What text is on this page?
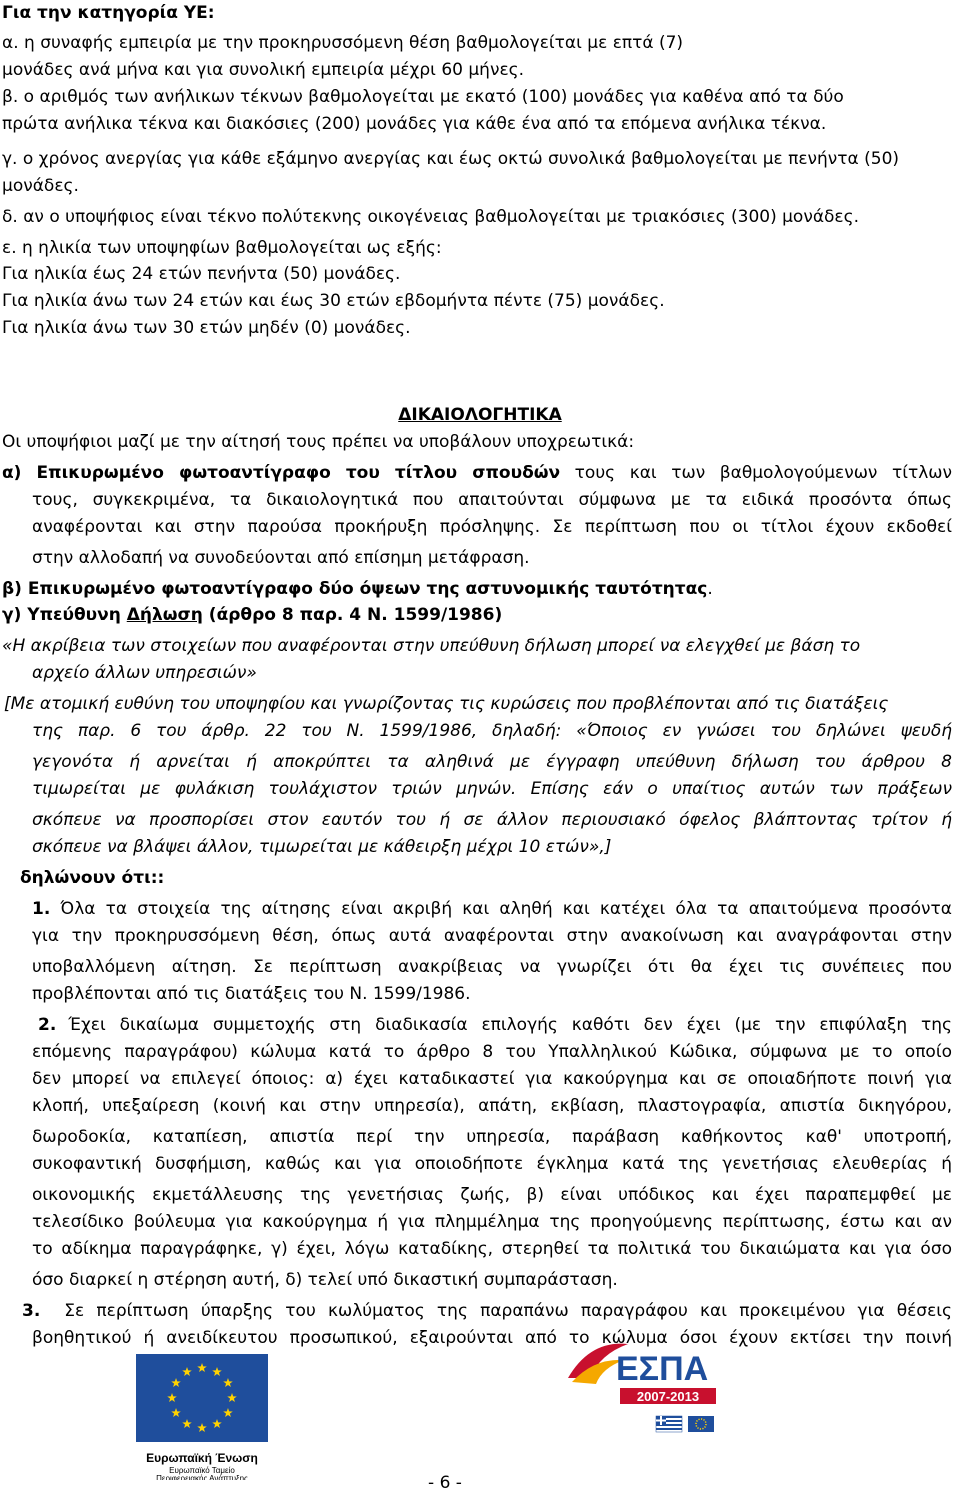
Για την κατηγορία ΥΕ:
α. η συναφής εμπειρία με την προκηρυσσόμενη θέση βαθμολογείται με επτά (7)
μονάδες ανά μήνα και για συνολική εμπειρία μέχρι 60 μήνες.
β. ο αριθμός των ανήλικων τέκνων βαθμολογείται με εκατό (100) μονάδες για καθένα από τα δύο
πρώτα ανήλικα τέκνα και διακόσιες (200) μονάδες για κάθε ένα από τα επόμενα ανήλικα τέκνα.
γ. ο χρόνος ανεργίας για κάθε εξάμηνο ανεργίας και έως οκτώ συνολικά βαθμολογείται με πενήντα (50)
μονάδες.
δ. αν ο υποψήφιος είναι τέκνο πολύτεκνης οικογένειας βαθμολογείται με τριακόσιες (300) μονάδες.
ε. η ηλικία των υποψηφίων βαθμολογείται ως εξής:
Για ηλικία έως 24 ετών πενήντα (50) μονάδες.
Για ηλικία άνω των 24 ετών και έως 30 ετών εβδομήντα πέντε (75) μονάδες.
Για ηλικία άνω των 30 ετών μηδέν (0) μονάδες.
ΔΙΚΑΙΟΛΟΓΗΤΙΚΑ
Οι υποψήφιοι μαζί με την αίτησή τους πρέπει να υποβάλουν υποχρεωτικά:
α) Επικυρωμένο φωτοαντίγραφο του τίτλου σπουδών τους και των βαθμολογούμενων τίτλων
τους, συγκεκριμένα, τα δικαιολογητικά που απαιτούνται σύμφωνα με τα ειδικά προσόντα όπως
αναφέρονται και στην παρούσα προκήρυξη πρόσληψης. Σε περίπτωση που οι τίτλοι έχουν εκδοθεί
στην αλλοδαπή να συνοδεύονται από επίσημη μετάφραση.
β) Επικυρωμένο φωτοαντίγραφο δύο όψεων της αστυνομικής ταυτότητας.
γ) Υπεύθυνη Δήλωση (άρθρο 8 παρ. 4 Ν. 1599/1986)
«Η ακρίβεια των στοιχείων που αναφέρονται στην υπεύθυνη δήλωση μπορεί να ελεγχθεί με βάση το
αρχείο άλλων υπηρεσιών»
[Με ατομική ευθύνη του υποψηφίου και γνωρίζοντας τις κυρώσεις που προβλέπονται από τις διατάξεις
της παρ. 6 του άρθρ. 22 του Ν. 1599/1986, δηλαδή: «Όποιος εν γνώσει του δηλώνει ψευδή
γεγονότα ή αρνείται ή αποκρύπτει τα αληθινά με έγγραφη υπεύθυνη δήλωση του άρθρου 8
τιμωρείται με φυλάκιση τουλάχιστον τριών μηνών. Επίσης εάν ο υπαίτιος αυτών των πράξεων
σκόπευε να προσπορίσει στον εαυτόν του ή σε άλλον περιουσιακό όφελος βλάπτοντας τρίτον ή
σκόπευε να βλάψει άλλον, τιμωρείται με κάθειρξη μέχρι 10 ετών»,]
δηλώνουν ότι::
1. Όλα τα στοιχεία της αίτησης είναι ακριβή και αληθή και κατέχει όλα τα απαιτούμενα προσόντα
για την προκηρυσσόμενη θέση, όπως αυτά αναφέρονται στην ανακοίνωση και αναγράφονται στην
υποβαλλόμενη αίτηση. Σε περίπτωση ανακρίβειας να γνωρίζει ότι θα έχει τις συνέπειες που
προβλέπονται από τις διατάξεις του Ν. 1599/1986.
2. Έχει δικαίωμα συμμετοχής στη διαδικασία επιλογής καθότι δεν έχει (με την επιφύλαξη της
επόμενης παραγράφου) κώλυμα κατά το άρθρο 8 του Υπαλληλικού Κώδικα, σύμφωνα με το οποίο
δεν μπορεί να επιλεγεί όποιος: α) έχει καταδικαστεί για κακούργημα και σε οποιαδήποτε ποινή για
κλοπή, υπεξαίρεση (κοινή και στην υπηρεσία), απάτη, εκβίαση, πλαστογραφία, απιστία δικηγόρου,
δωροδοκία, καταπίεση, απιστία περί την υπηρεσία, παράβαση καθήκοντος καθ' υποτροπή,
συκοφαντική δυσφήμιση, καθώς και για οποιοδήποτε έγκλημα κατά της γενετήσιας ελευθερίας ή
οικονομικής εκμετάλλευσης της γενετήσιας ζωής, β) είναι υπόδικος και έχει παραπεμφθεί με
τελεσίδικο βούλευμα για κακούργημα ή για πλημμέλημα της προηγούμενης περίπτωσης, έστω και αν
το αδίκημα παραγράφηκε, γ) έχει, λόγω καταδίκης, στερηθεί τα πολιτικά του δικαιώματα και για όσο
όσο διαρκεί η στέρηση αυτή, δ) τελεί υπό δικαστική συμπαράσταση.
3. Σε περίπτωση ύπαρξης του κωλύματος της παραπάνω παραγράφου και προκειμένου για θέσεις
βοηθητικού ή ανειδίκευτου προσωπικού, εξαιρούνται από το κώλυμα όσοι έχουν εκτίσει την ποινή
Ευρωπαϊκή Ένωση
Ευρωπαϊκό Ταμείο
Περιφερειακής Ανάπτυξης
ΕΣΠΑ
2007-2013
- 6 -
